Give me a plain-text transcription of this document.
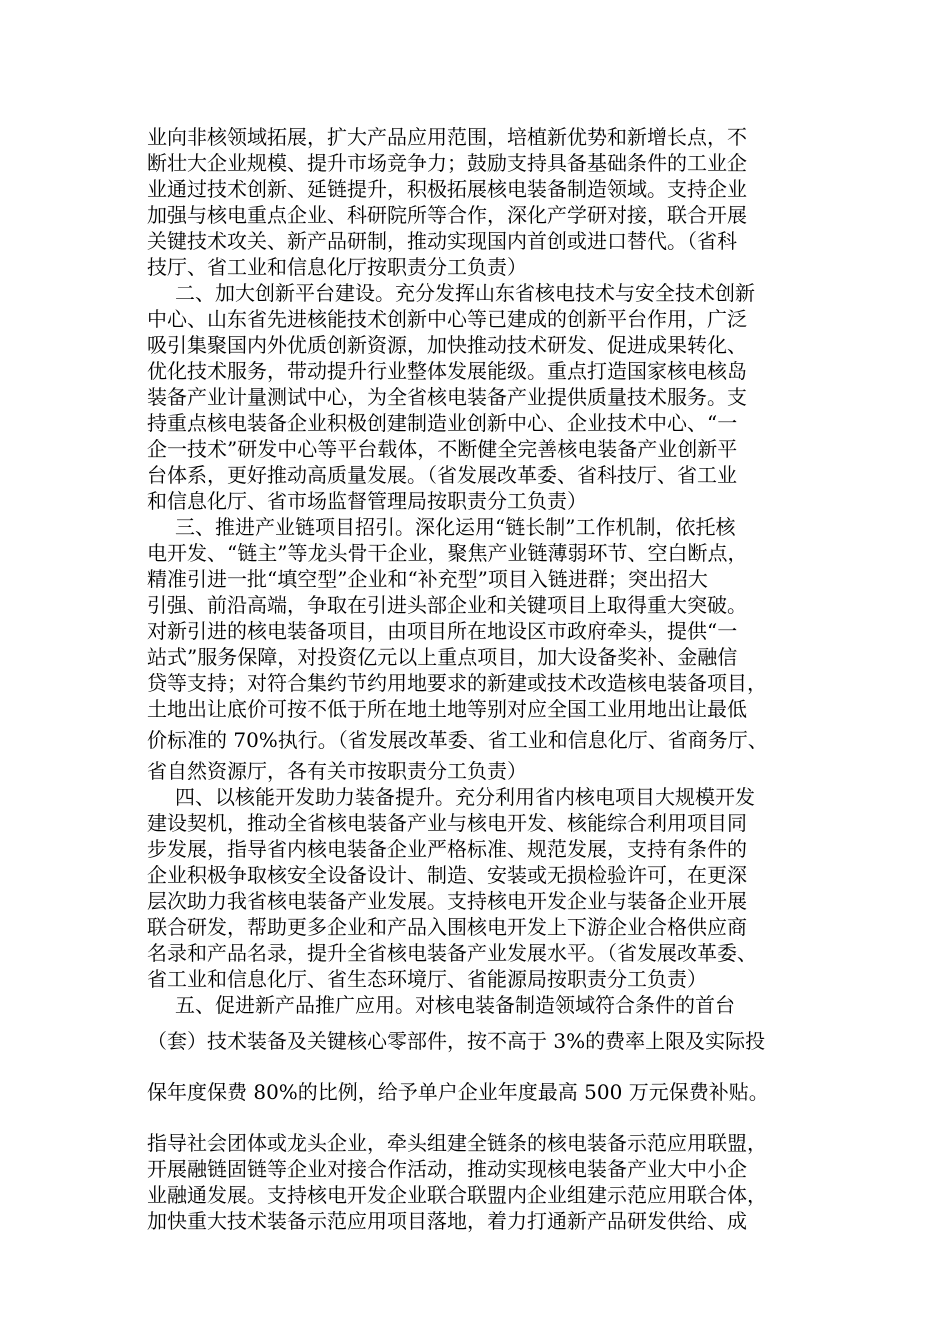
业向非核领域拓展，扩大产品应用范围，培植新优势和新增长点，不

断壮大企业规模、提升市场竞争力；鼓励支持具备基础条件的工业企

业通过技术创新、延链提升，积极拓展核电装备制造领域。支持企业

加强与核电重点企业、科研院所等合作，深化产学研对接，联合开展

关键技术攻关、新产品研制，推动实现国内首创或进口替代。（省科

技厅、省工业和信息化厅按职责分工负责）

二、加大创新平台建设。充分发挥山东省核电技术与安全技术创新

中心、山东省先进核能技术创新中心等已建成的创新平台作用，广泛

吸引集聚国内外优质创新资源，加快推动技术研发、促进成果转化、

优化技术服务，带动提升行业整体发展能级。重点打造国家核电核岛

装备产业计量测试中心，为全省核电装备产业提供质量技术服务。支

持重点核电装备企业积极创建制造业创新中心、企业技术中心、“一

企一技术”研发中心等平台载体，不断健全完善核电装备产业创新平

台体系，更好推动高质量发展。（省发展改革委、省科技厅、省工业

和信息化厅、省市场监督管理局按职责分工负责）

三、推进产业链项目招引。深化运用“链长制”工作机制，依托核

电开发、“链主”等龙头骨干企业，聚焦产业链薄弱环节、空白断点，

精准引进一批“填空型”企业和“补充型”项目入链进群；突出招大

引强、前沿高端，争取在引进头部企业和关键项目上取得重大突破。

对新引进的核电装备项目，由项目所在地设区市政府牵头，提供“一

站式”服务保障，对投资亿元以上重点项目，加大设备奖补、金融信

贷等支持；对符合集约节约用地要求的新建或技术改造核电装备项目，

土地出让底价可按不低于所在地土地等别对应全国工业用地出让最低

价标准的 70%执行。（省发展改革委、省工业和信息化厅、省商务厅、

省自然资源厅，各有关市按职责分工负责）

四、以核能开发助力装备提升。充分利用省内核电项目大规模开发

建设契机，推动全省核电装备产业与核电开发、核能综合利用项目同

步发展，指导省内核电装备企业严格标准、规范发展，支持有条件的

企业积极争取核安全设备设计、制造、安装或无损检验许可，在更深

层次助力我省核电装备产业发展。支持核电开发企业与装备企业开展

联合研发，帮助更多企业和产品入围核电开发上下游企业合格供应商

名录和产品名录，提升全省核电装备产业发展水平。（省发展改革委、

省工业和信息化厅、省生态环境厅、省能源局按职责分工负责）

五、促进新产品推广应用。对核电装备制造领域符合条件的首台

（套）技术装备及关键核心零部件，按不高于 3%的费率上限及实际投

保年度保费 80%的比例，给予单户企业年度最高 500 万元保费补贴。

指导社会团体或龙头企业，牵头组建全链条的核电装备示范应用联盟，

开展融链固链等企业对接合作活动，推动实现核电装备产业大中小企

业融通发展。支持核电开发企业联合联盟内企业组建示范应用联合体，

加快重大技术装备示范应用项目落地，着力打通新产品研发供给、成
